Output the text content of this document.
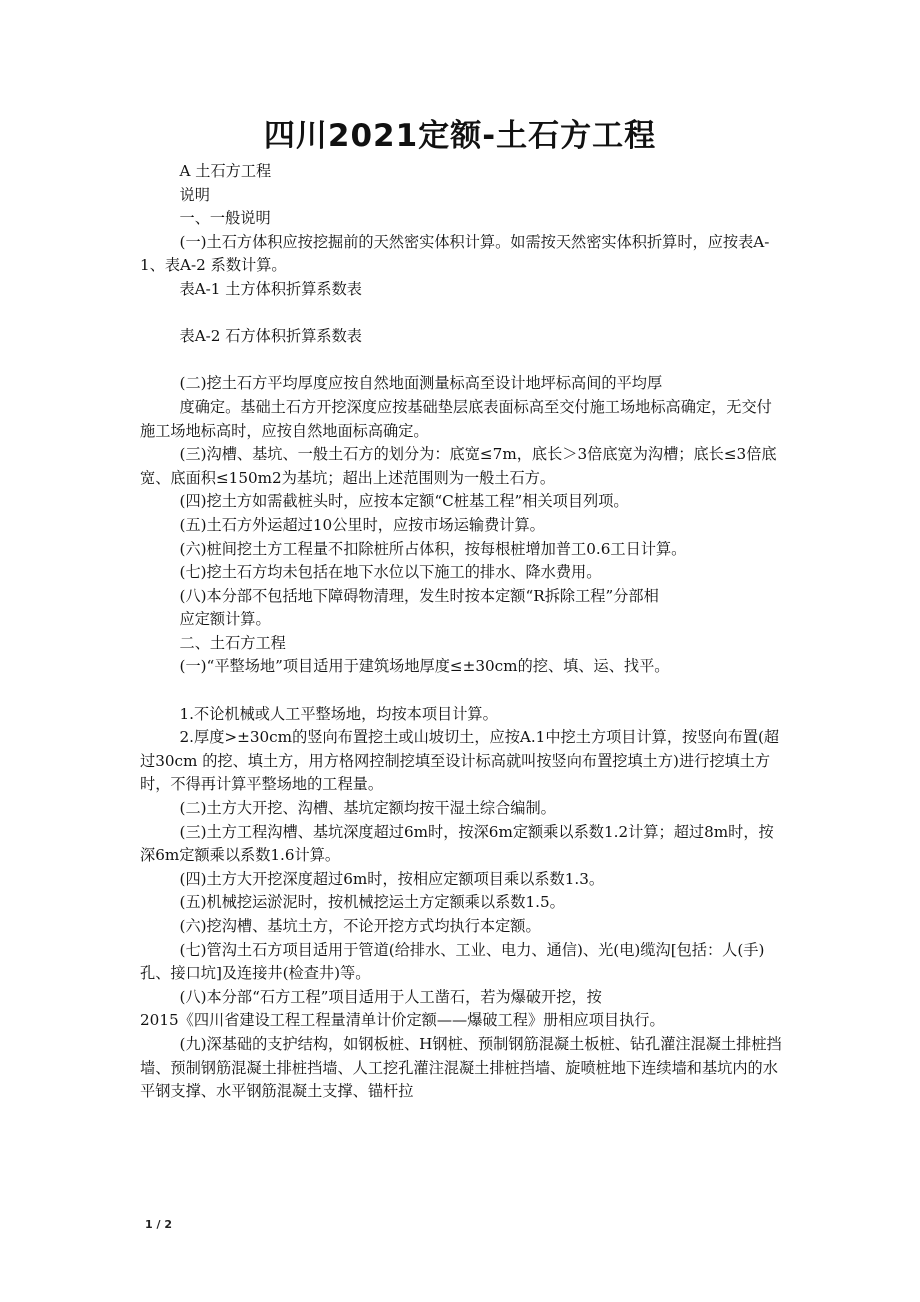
四川2021定额-土石方工程

A 土石方工程

说明

一、一般说明

(一)土石方体积应按挖掘前的天然密实体积计算。如需按天然密实体积折算时，应按表A-1、表A-2 系数计算。

表A-1 土方体积折算系数表

表A-2 石方体积折算系数表

(二)挖土石方平均厚度应按自然地面测量标高至设计地坪标高间的平均厚

度确定。基础土石方开挖深度应按基础垫层底表面标高至交付施工场地标高确定，无交付施工场地标高时，应按自然地面标高确定。

(三)沟槽、基坑、一般土石方的划分为：底宽≤7m，底长＞3倍底宽为沟槽；底长≤3倍底宽、底面积≤150m2为基坑；超出上述范围则为一般土石方。

(四)挖土方如需截桩头时，应按本定额“C桩基工程”相关项目列项。

(五)土石方外运超过10公里时，应按市场运输费计算。

(六)桩间挖土方工程量不扣除桩所占体积，按每根桩增加普工0.6工日计算。

(七)挖土石方均未包括在地下水位以下施工的排水、降水费用。

(八)本分部不包括地下障碍物清理，发生时按本定额“R拆除工程”分部相

应定额计算。

二、土石方工程

(一)“平整场地”项目适用于建筑场地厚度≤±30cm的挖、填、运、找平。

1.不论机械或人工平整场地，均按本项目计算。

2.厚度>±30cm的竖向布置挖土或山坡切土，应按A.1中挖土方项目计算，按竖向布置(超过30cm 的挖、填土方，用方格网控制挖填至设计标高就叫按竖向布置挖填土方)进行挖填土方时，不得再计算平整场地的工程量。

(二)土方大开挖、沟槽、基坑定额均按干湿土综合编制。

(三)土方工程沟槽、基坑深度超过6m时，按深6m定额乘以系数1.2计算；超过8m时，按深6m定额乘以系数1.6计算。

(四)土方大开挖深度超过6m时，按相应定额项目乘以系数1.3。

(五)机械挖运淤泥时，按机械挖运土方定额乘以系数1.5。

(六)挖沟槽、基坑土方，不论开挖方式均执行本定额。

(七)管沟土石方项目适用于管道(给排水、工业、电力、通信)、光(电)缆沟[包括：人(手)孔、接口坑]及连接井(检查井)等。

(八)本分部“石方工程”项目适用于人工凿石，若为爆破开挖，按

2015《四川省建设工程工程量清单计价定额——爆破工程》册相应项目执行。

(九)深基础的支护结构，如钢板桩、H钢桩、预制钢筋混凝土板桩、钻孔灌注混凝土排桩挡墙、预制钢筋混凝土排桩挡墙、人工挖孔灌注混凝土排桩挡墙、旋喷桩地下连续墙和基坑内的水平钢支撑、水平钢筋混凝土支撑、锚杆拉

1 / 2
